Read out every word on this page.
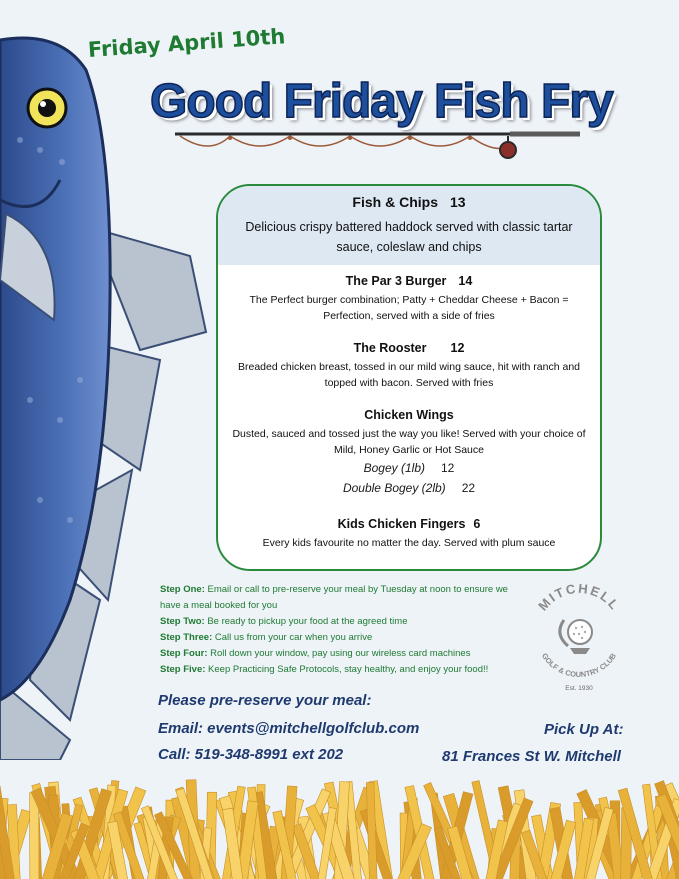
Friday April 10th
Good Friday Fish Fry
Fish & Chips 13
Delicious crispy battered haddock served with classic tartar sauce, coleslaw and chips
The Par 3 Burger 14
The Perfect burger combination; Patty + Cheddar Cheese + Bacon = Perfection, served with a side of fries
The Rooster 12
Breaded chicken breast, tossed in our mild wing sauce, hit with ranch and topped with bacon. Served with fries
Chicken Wings
Dusted, sauced and tossed just the way you like! Served with your choice of Mild, Honey Garlic or Hot Sauce
Bogey (1lb) 12
Double Bogey (2lb) 22
Kids Chicken Fingers 6
Every kids favourite no matter the day. Served with plum sauce
Step One: Email or call to pre-reserve your meal by Tuesday at noon to ensure we have a meal booked for you
Step Two: Be ready to pickup your food at the agreed time
Step Three: Call us from your car when you arrive
Step Four: Roll down your window, pay using our wireless card machines
Step Five: Keep Practicing Safe Protocols, stay healthy, and enjoy your food!!
MITCHELL
GOLF & COUNTRY CLUB
Est. 1930
Please pre-reserve your meal:
Email: events@mitchellgolfclub.com
Call: 519-348-8991 ext 202
Pick Up At:
81 Frances St W. Mitchell
